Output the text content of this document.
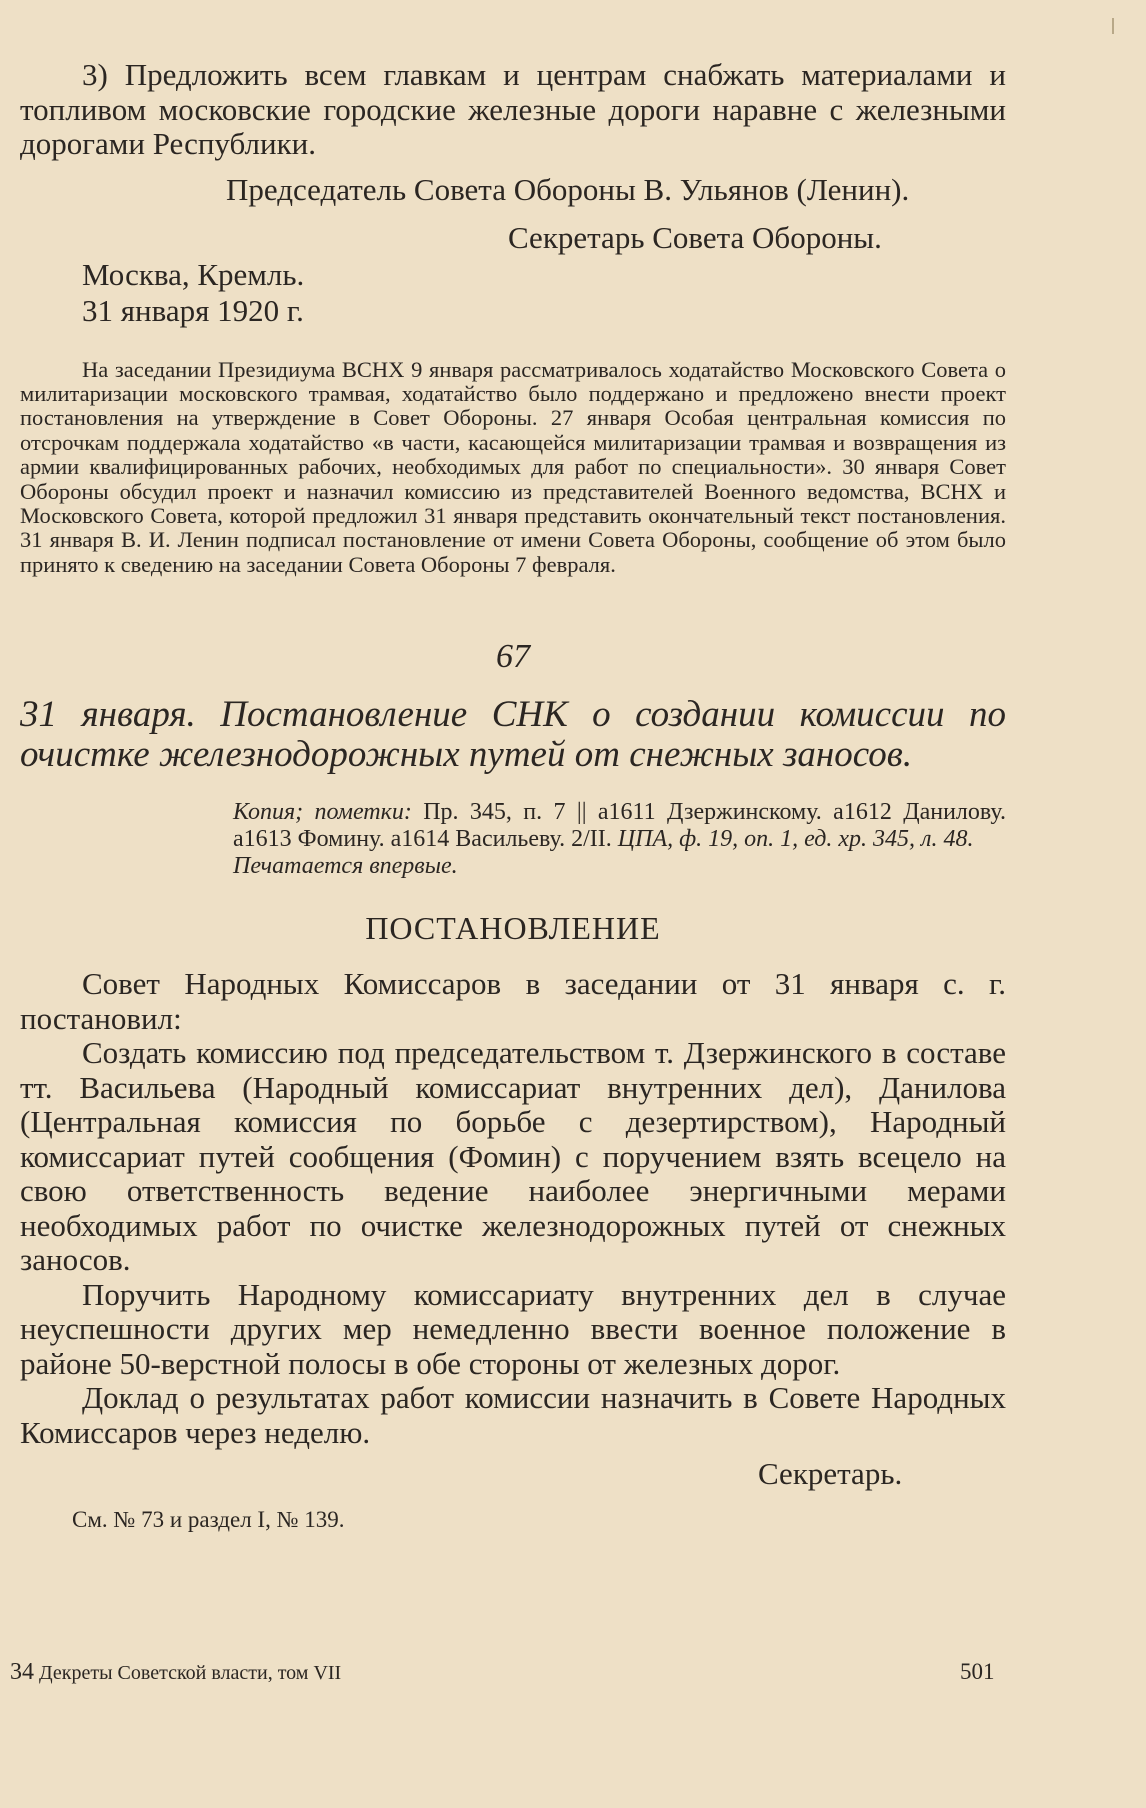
3) Предложить всем главкам и центрам снабжать материалами и топливом московские городские железные дороги наравне с железными дорогами Республики.

Председатель Совета Обороны В. Ульянов (Ленин).

Секретарь Совета Обороны.

Москва, Кремль.

31 января 1920 г.

На заседании Президиума ВСНХ 9 января рассматривалось ходатайство Московского Совета о милитаризации московского трамвая, ходатайство было поддержано и предложено внести проект постановления на утверждение в Совет Обороны. 27 января Особая центральная комиссия по отсрочкам поддержала ходатайство «в части, касающейся милитаризации трамвая и возвращения из армии квалифицированных рабочих, необходимых для работ по специальности». 30 января Совет Обороны обсудил проект и назначил комиссию из представителей Военного ведомства, ВСНХ и Московского Совета, которой предложил 31 января представить окончательный текст постановления. 31 января В. И. Ленин подписал постановление от имени Совета Обороны, сообщение об этом было принято к сведению на заседании Совета Обороны 7 февраля.

67

31 января. Постановление СНК о создании комиссии по очистке железнодорожных путей от снежных заносов.

Копия; пометки: Пр. 345, п. 7 || а1611 Дзержинскому. а1612 Данилову. а1613 Фомину. а1614 Васильеву. 2/II. ЦПА, ф. 19, оп. 1, ед. хр. 345, л. 48.
Печатается впервые.

ПОСТАНОВЛЕНИЕ

Совет Народных Комиссаров в заседании от 31 января с. г. постановил:

Создать комиссию под председательством т. Дзержинского в составе тт. Васильева (Народный комиссариат внутренних дел), Данилова (Центральная комиссия по борьбе с дезертирством), Народный комиссариат путей сообщения (Фомин) с поручением взять всецело на свою ответственность ведение наиболее энергичными мерами необходимых работ по очистке железнодорожных путей от снежных заносов.

Поручить Народному комиссариату внутренних дел в случае неуспешности других мер немедленно ввести военное положение в районе 50-верстной полосы в обе стороны от железных дорог.

Доклад о результатах работ комиссии назначить в Совете Народных Комиссаров через неделю.

Секретарь.

См. № 73 и раздел I, № 139.

34 Декреты Советской власти, том VII	501
